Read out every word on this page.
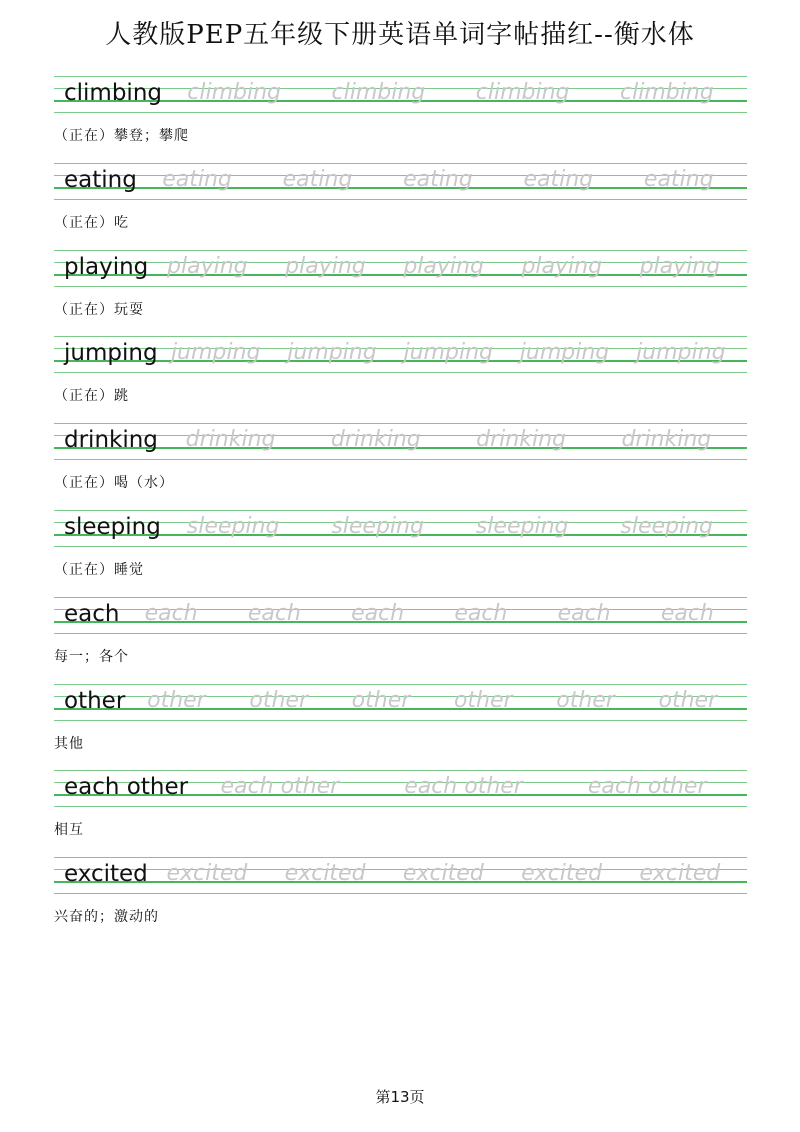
人教版PEP五年级下册英语单词字帖描红--衡水体
climbing climbing climbing climbing climbing
（正在）攀登；攀爬
eating eating eating eating eating eating
（正在）吃
playing playing playing playing playing playing
（正在）玩耍
jumping jumping jumping jumping jumping jumping
（正在）跳
drinking drinking	drinking	drinking	drinking
（正在）喝（水）
sleeping sleeping sleeping sleeping sleeping
（正在）睡觉
each each each each each each each
每一；各个
other other other other other other other
其他
each other each other	each other	each other
相互
excited excited excited excited excited excited
兴奋的；激动的
第13页
